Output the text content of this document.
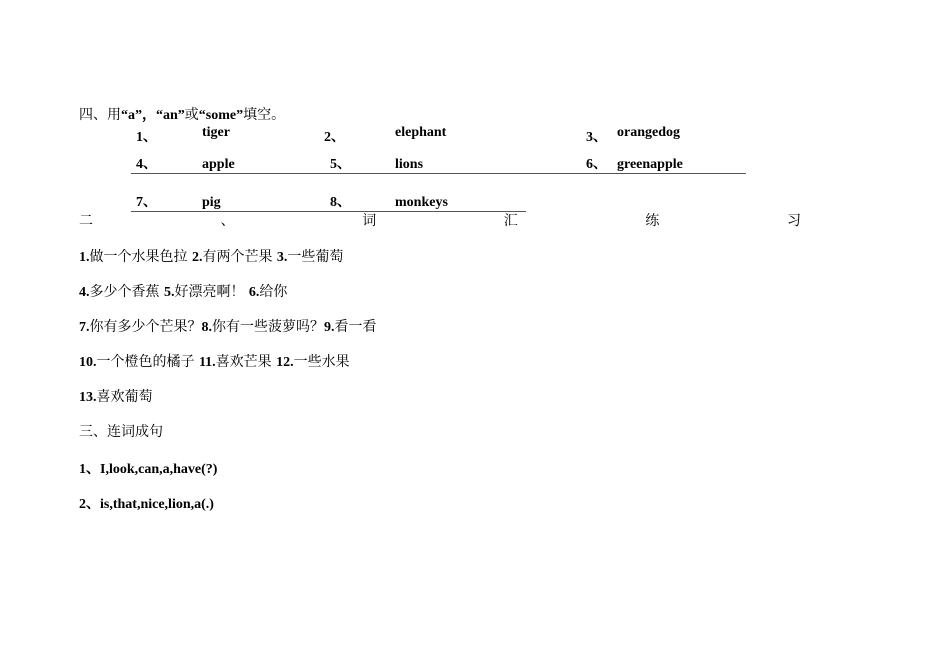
四、用“a”，“an”或“some”填空。
1、	tiger	2、	elephant	3、 orangedog
4、	apple	5、	lions	6、 greenapple
7、	pig	8、	monkeys
二	、	词	汇	练	习
1.做一个水果色拉 2.有两个芒果 3.一些葡萄
4.多少个香蕉 5.好漂亮啊！ 6.给你
7.你有多少个芒果？8.你有一些菠萝吗？9.看一看
10.一个橙色的橘子 11.喜欢芒果 12.一些水果
13.喜欢葡萄
三、连词成句
1、I,look,can,a,have(?)
2、is,that,nice,lion,a(.)
